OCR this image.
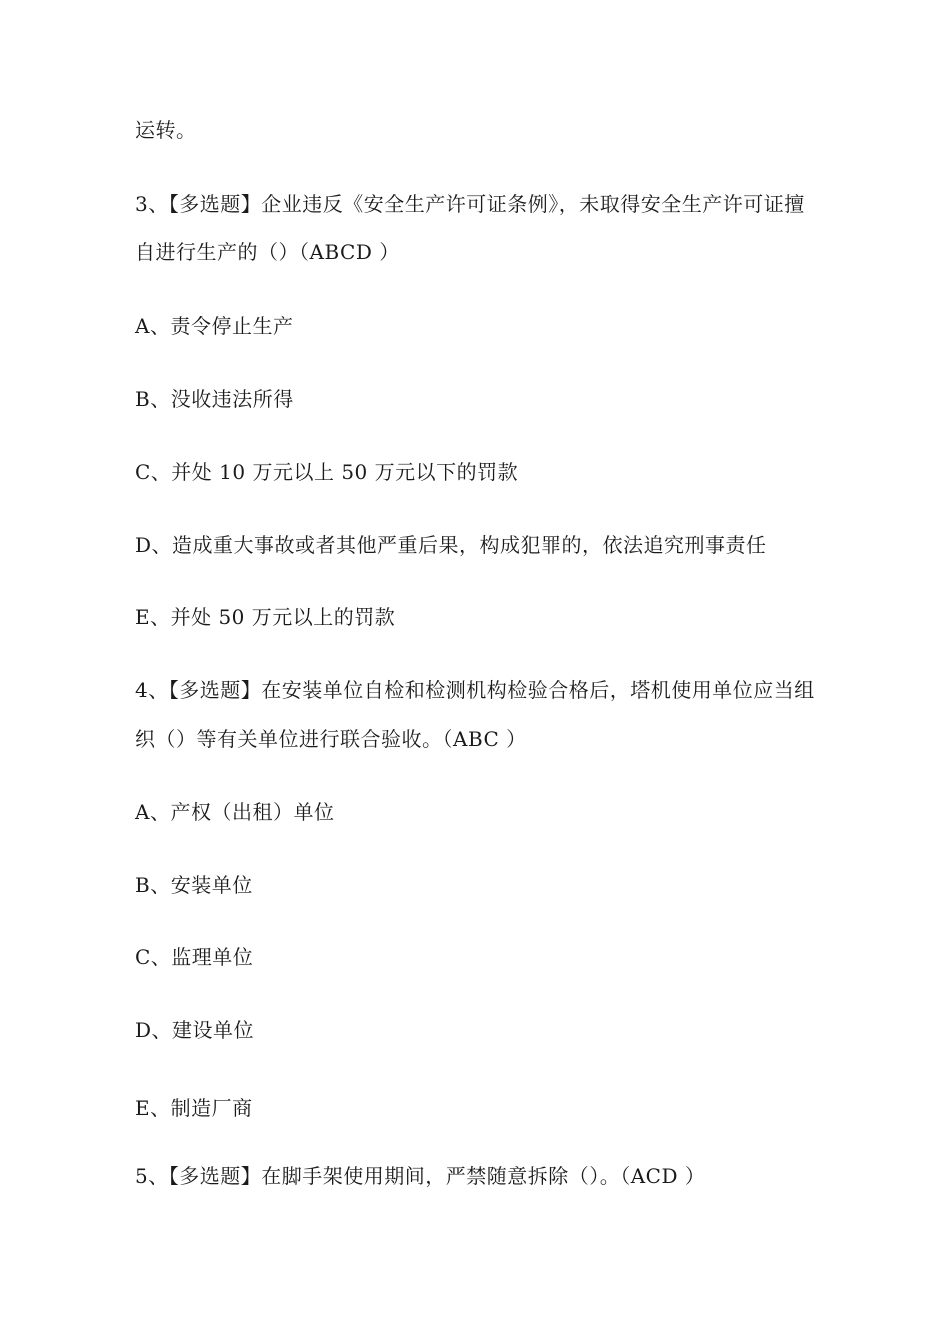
运转。
3、【多选题】企业违反《安全生产许可证条例》，未取得安全生产许可证擅
自进行生产的（）（ABCD ）
A、责令停止生产
B、没收违法所得
C、并处 10 万元以上 50 万元以下的罚款
D、造成重大事故或者其他严重后果，构成犯罪的，依法追究刑事责任
E、并处 50 万元以上的罚款
4、【多选题】在安装单位自检和检测机构检验合格后，塔机使用单位应当组
织（）等有关单位进行联合验收。（ABC ）
A、产权（出租）单位
B、安装单位
C、监理单位
D、建设单位
E、制造厂商
5、【多选题】在脚手架使用期间，严禁随意拆除（）。（ACD ）
